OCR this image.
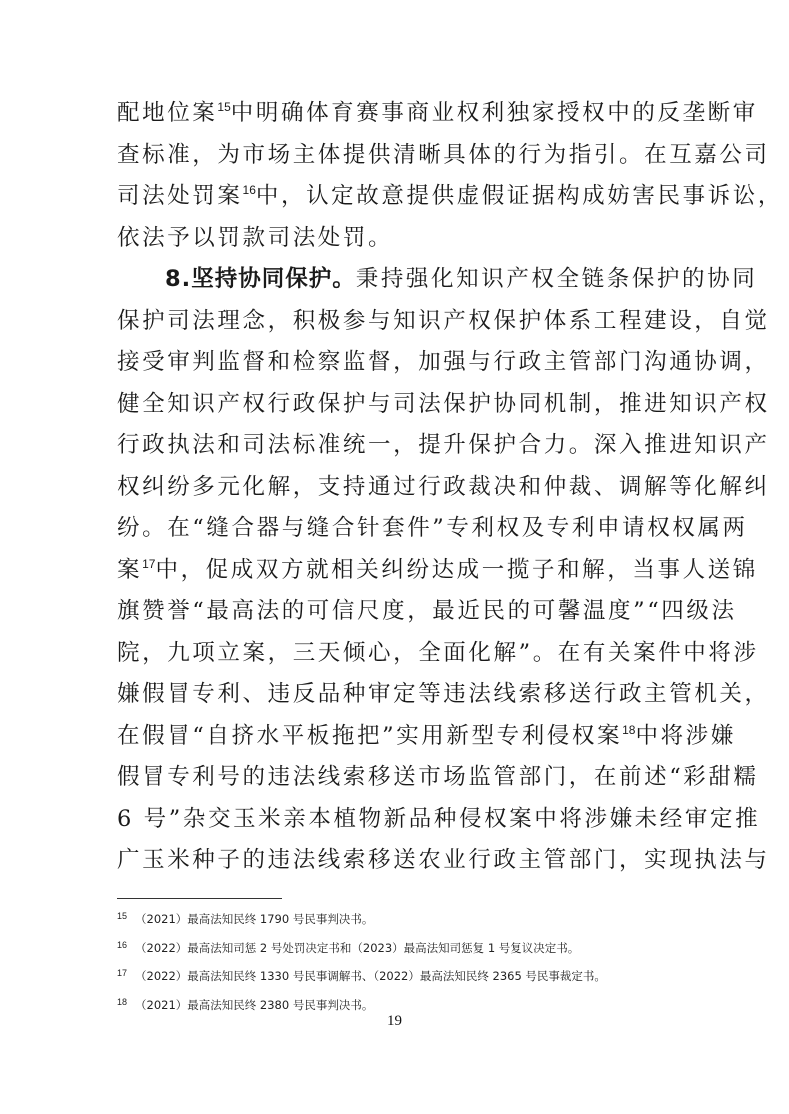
配地位案$^{15}$中明确体育赛事商业权利独家授权中的反垄断审
查标准，为市场主体提供清晰具体的行为指引。在互嘉公司
司法处罚案$^{16}$中，认定故意提供虚假证据构成妨害民事诉讼，
依法予以罚款司法处罚。
8.坚持协同保护。秉持强化知识产权全链条保护的协同
保护司法理念，积极参与知识产权保护体系工程建设，自觉
接受审判监督和检察监督，加强与行政主管部门沟通协调，
健全知识产权行政保护与司法保护协同机制，推进知识产权
行政执法和司法标准统一，提升保护合力。深入推进知识产
权纠纷多元化解，支持通过行政裁决和仲裁、调解等化解纠
纷。在“缝合器与缝合针套件”专利权及专利申请权权属两
案$^{17}$中，促成双方就相关纠纷达成一揽子和解，当事人送锦
旗赞誉“最高法的可信尺度，最近民的可馨温度”“四级法
院，九项立案，三天倾心，全面化解”。在有关案件中将涉
嫌假冒专利、违反品种审定等违法线索移送行政主管机关，
在假冒“自挤水平板拖把”实用新型专利侵权案$^{18}$中将涉嫌
假冒专利号的违法线索移送市场监管部门，在前述“彩甜糯
6 号”杂交玉米亲本植物新品种侵权案中将涉嫌未经审定推
广玉米种子的违法线索移送农业行政主管部门，实现执法与
15 （2021）最高法知民终 1790 号民事判决书。
16 （2022）最高法知司惩 2 号处罚决定书和（2023）最高法知司惩复 1 号复议决定书。
17 （2022）最高法知民终 1330 号民事调解书、（2022）最高法知民终 2365 号民事裁定书。
18 （2021）最高法知民终 2380 号民事判决书。
19
